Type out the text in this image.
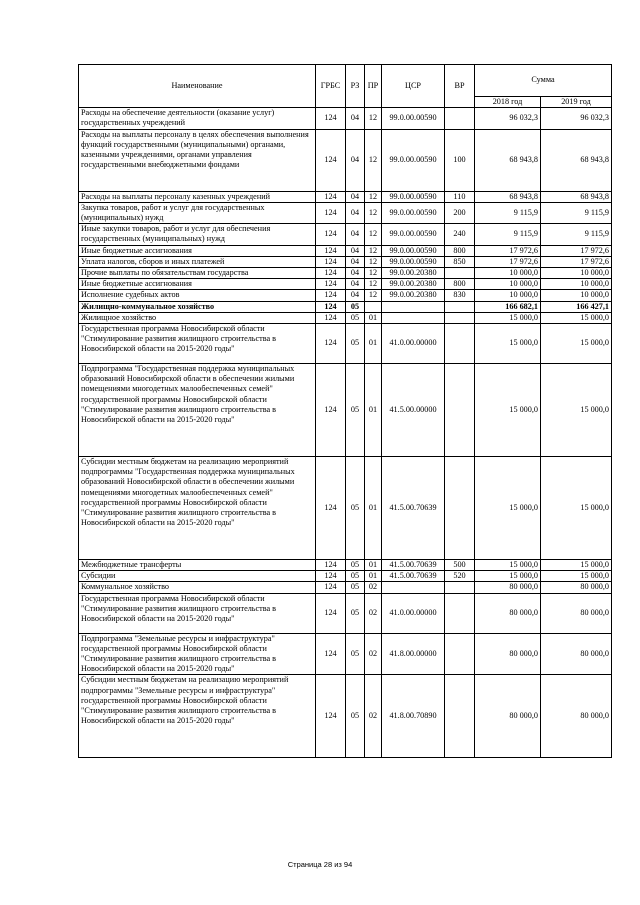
Наименование	ГРБС	РЗ	ПР	ЦСР	ВР	Сумма	
						2018 год	2019 год
Расходы на обеспечение деятельности (оказание услуг) государственных учреждений	124	04	12	99.0.00.00590		96 032,3	96 032,3
Расходы на выплаты персоналу в целях обеспечения выполнения функций государственными (муниципальными) органами, казенными учреждениями, органами управления государственными внебюджетными фондами	124	04	12	99.0.00.00590	100	68 943,8	68 943,8
Расходы на выплаты персоналу казенных учреждений	124	04	12	99.0.00.00590	110	68 943,8	68 943,8
Закупка товаров, работ и услуг для государственных (муниципальных) нужд	124	04	12	99.0.00.00590	200	9 115,9	9 115,9
Иные закупки товаров, работ и услуг для обеспечения государственных (муниципальных) нужд	124	04	12	99.0.00.00590	240	9 115,9	9 115,9
Иные бюджетные ассигнования	124	04	12	99.0.00.00590	800	17 972,6	17 972,6
Уплата налогов, сборов и иных платежей	124	04	12	99.0.00.00590	850	17 972,6	17 972,6
Прочие выплаты по обязательствам государства	124	04	12	99.0.00.20380		10 000,0	10 000,0
Иные бюджетные ассигнования	124	04	12	99.0.00.20380	800	10 000,0	10 000,0
Исполнение судебных актов	124	04	12	99.0.00.20380	830	10 000,0	10 000,0
Жилищно-коммунальное хозяйство	124	05				166 682,1	166 427,1
Жилищное хозяйство	124	05	01			15 000,0	15 000,0
Государственная программа Новосибирской области "Стимулирование развития жилищного строительства в Новосибирской области на 2015-2020 годы"	124	05	01	41.0.00.00000		15 000,0	15 000,0
Подпрограмма "Государственная поддержка муниципальных образований Новосибирской области в обеспечении жилыми помещениями многодетных малообеспеченных семей" государственной программы Новосибирской области "Стимулирование развития жилищного строительства в Новосибирской области на 2015-2020 годы"	124	05	01	41.5.00.00000		15 000,0	15 000,0
Субсидии местным бюджетам на реализацию мероприятий подпрограммы "Государственная поддержка муниципальных образований Новосибирской области в обеспечении жилыми помещениями многодетных малообеспеченных семей" государственной программы Новосибирской области "Стимулирование развития жилищного строительства в Новосибирской области на 2015-2020 годы"	124	05	01	41.5.00.70639		15 000,0	15 000,0
Межбюджетные трансферты	124	05	01	41.5.00.70639	500	15 000,0	15 000,0
Субсидии	124	05	01	41.5.00.70639	520	15 000,0	15 000,0
Коммунальное хозяйство	124	05	02			80 000,0	80 000,0
Государственная программа Новосибирской области "Стимулирование развития жилищного строительства в Новосибирской области на 2015-2020 годы"	124	05	02	41.0.00.00000		80 000,0	80 000,0
Подпрограмма "Земельные ресурсы и инфраструктура" государственной программы Новосибирской области "Стимулирование развития жилищного строительства в Новосибирской области на 2015-2020 годы"	124	05	02	41.8.00.00000		80 000,0	80 000,0
Субсидии местным бюджетам на реализацию мероприятий подпрограммы "Земельные ресурсы и инфраструктура" государственной программы Новосибирской области "Стимулирование развития жилищного строительства в Новосибирской области на 2015-2020 годы"	124	05	02	41.8.00.70890		80 000,0	80 000,0
Страница 28 из 94
